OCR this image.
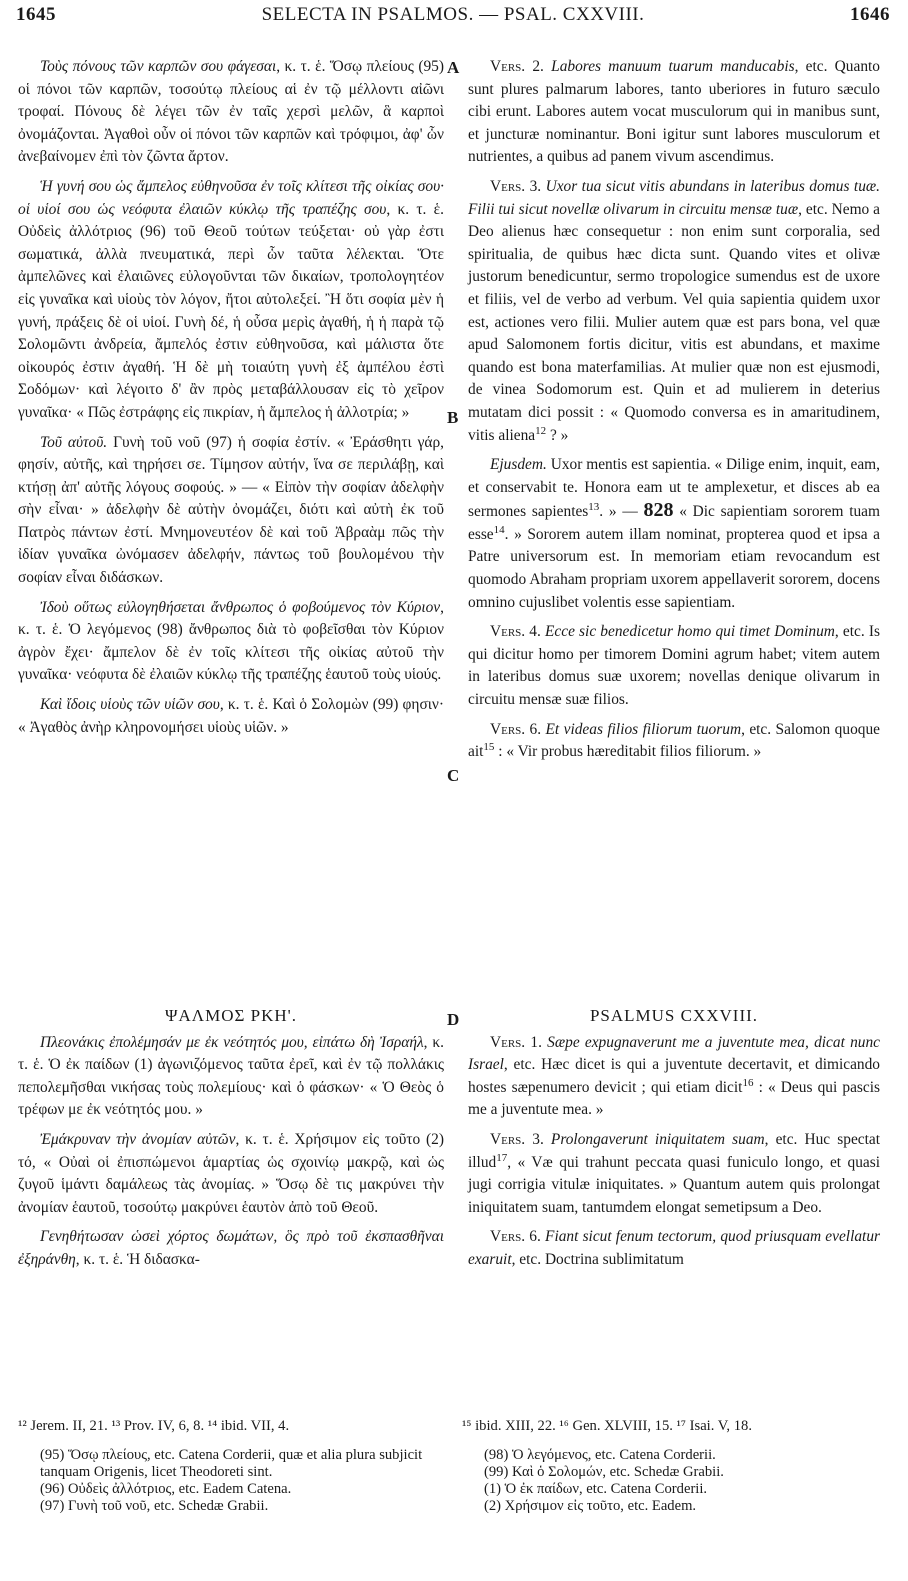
1645	SELECTA IN PSALMOS. — PSAL. CXXVIII.	1646
A
B
C
D

Τοὺς πόνους τῶν καρπῶν σου φάγεσαι, κ. τ. ἑ. Ὅσῳ πλείους (95) οἱ πόνοι τῶν καρπῶν, τοσούτῳ πλείους αἱ ἐν τῷ μέλλοντι αἰῶνι τροφαί. Πόνους δὲ λέγει τῶν ἐν ταῖς χερσὶ μελῶν, ἃ καρποὶ ὀνομάζονται. Ἀγαθοὶ οὖν οἱ πόνοι τῶν καρπῶν καὶ τρόφιμοι, ἀφ' ὧν ἀνεβαίνομεν ἐπὶ τὸν ζῶντα ἄρτον.

Ἡ γυνή σου ὡς ἄμπελος εὐθηνοῦσα ἐν τοῖς κλίτεσι τῆς οἰκίας σου· οἱ υἱοί σου ὡς νεόφυτα ἐλαιῶν κύκλῳ τῆς τραπέζης σου, κ. τ. ἑ. Οὐδεὶς ἀλλότριος (96) τοῦ Θεοῦ τούτων τεύξεται· οὐ γὰρ ἐστι σωματικά, ἀλλὰ πνευματικά, περὶ ὧν ταῦτα λέλεκται. Ὅτε ἀμπελῶνες καὶ ἐλαιῶνες εὐλογοῦνται τῶν δικαίων, τροπολογητέον εἰς γυναῖκα καὶ υἱοὺς τὸν λόγον, ἤτοι αὐτολεξεί. Ἢ ὅτι σοφία μὲν ἡ γυνή, πράξεις δὲ οἱ υἱοί. Γυνὴ δέ, ἡ οὖσα μερὶς ἀγαθή, ἡ ἡ παρὰ τῷ Σολομῶντι ἀνδρεία, ἄμπελός ἐστιν εὐθηνοῦσα, καὶ μάλιστα ὅτε οἰκουρός ἐστιν ἀγαθή. Ἡ δὲ μὴ τοιαύτη γυνὴ ἐξ ἀμπέλου ἐστὶ Σοδόμων· καὶ λέγοιτο δ' ἂν πρὸς μεταβάλλουσαν εἰς τὸ χεῖρον γυναῖκα· « Πῶς ἐστράφης εἰς πικρίαν, ἡ ἄμπελος ἡ ἀλλοτρία; »

Τοῦ αὐτοῦ. Γυνὴ τοῦ νοῦ (97) ἡ σοφία ἐστίν. « Ἐράσθητι γάρ, φησίν, αὐτῆς, καὶ τηρήσει σε. Τίμησον αὐτήν, ἵνα σε περιλάβῃ, καὶ κτήσῃ ἀπ' αὐτῆς λόγους σοφούς. » — « Εἰπὸν τὴν σοφίαν ἀδελφὴν σὴν εἶναι· » ἀδελφὴν δὲ αὐτὴν ὀνομάζει, διότι καὶ αὐτὴ ἐκ τοῦ Πατρὸς πάντων ἐστί. Μνημονευτέον δὲ καὶ τοῦ Ἀβραὰμ πῶς τὴν ἰδίαν γυναῖκα ὠνόμασεν ἀδελφήν, πάντως τοῦ βουλομένου τὴν σοφίαν εἶναι διδάσκων.

Ἰδοὺ οὕτως εὐλογηθήσεται ἄνθρωπος ὁ φοβούμενος τὸν Κύριον, κ. τ. ἑ. Ὁ λεγόμενος (98) ἄνθρωπος διὰ τὸ φοβεῖσθαι τὸν Κύριον ἀγρὸν ἔχει· ἄμπελον δὲ ἐν τοῖς κλίτεσι τῆς οἰκίας αὐτοῦ τὴν γυναῖκα· νεόφυτα δὲ ἐλαιῶν κύκλῳ τῆς τραπέζης ἑαυτοῦ τοὺς υἱούς.

Καὶ ἴδοις υἱοὺς τῶν υἱῶν σου, κ. τ. ἑ. Καὶ ὁ Σολομὼν (99) φησιν· « Ἀγαθὸς ἀνὴρ κληρονομήσει υἱοὺς υἱῶν. »

Vers. 2. Labores manuum tuarum manducabis, etc. Quanto sunt plures palmarum labores, tanto uberiores in futuro sæculo cibi erunt. Labores autem vocat musculorum qui in manibus sunt, et juncturæ nominantur. Boni igitur sunt labores musculorum et nutrientes, a quibus ad panem vivum ascendimus.

Vers. 3. Uxor tua sicut vitis abundans in lateribus domus tuæ. Filii tui sicut novellæ olivarum in circuitu mensæ tuæ, etc. Nemo a Deo alienus hæc consequetur : non enim sunt corporalia, sed spiritualia, de quibus hæc dicta sunt. Quando vites et olivæ justorum benedicuntur, sermo tropologice sumendus est de uxore et filiis, vel de verbo ad verbum. Vel quia sapientia quidem uxor est, actiones vero filii. Mulier autem quæ est pars bona, vel quæ apud Salomonem fortis dicitur, vitis est abundans, et maxime quando est bona materfamilias. At mulier quæ non est ejusmodi, de vinea Sodomorum est. Quin et ad mulierem in deterius mutatam dici possit : « Quomodo conversa es in amaritudinem, vitis aliena$^{12}$ ? »

Ejusdem. Uxor mentis est sapientia. « Dilige enim, inquit, eam, et conservabit te. Honora eam ut te amplexetur, et disces ab ea sermones sapientes$^{13}$. » — 828 « Dic sapientiam sororem tuam esse$^{14}$. » Sororem autem illam nominat, propterea quod et ipsa a Patre universorum est. In memoriam etiam revocandum est quomodo Abraham propriam uxorem appellaverit sororem, docens omnino cujuslibet volentis esse sapientiam.

Vers. 4. Ecce sic benedicetur homo qui timet Dominum, etc. Is qui dicitur homo per timorem Domini agrum habet; vitem autem in lateribus domus suæ uxorem; novellas denique olivarum in circuitu mensæ suæ filios.

Vers. 6. Et videas filios filiorum tuorum, etc. Salomon quoque ait$^{15}$ : « Vir probus hæreditabit filios filiorum. »

ΨΑΛΜΟΣ ΡΚΗ'.

Πλεονάκις ἐπολέμησάν με ἐκ νεότητός μου, εἰπάτω δὴ Ἰσραήλ, κ. τ. ἑ. Ὁ ἐκ παίδων (1) ἀγωνιζόμενος ταῦτα ἐρεῖ, καὶ ἐν τῷ πολλάκις πεπολεμῆσθαι νικήσας τοὺς πολεμίους· καὶ ὁ φάσκων· « Ὁ Θεὸς ὁ τρέφων με ἐκ νεότητός μου. »

Ἐμάκρυναν τὴν ἀνομίαν αὐτῶν, κ. τ. ἑ. Χρήσιμον εἰς τοῦτο (2) τό, « Οὐαὶ οἱ ἐπισπώμενοι ἁμαρτίας ὡς σχοινίῳ μακρῷ, καὶ ὡς ζυγοῦ ἱμάντι δαμάλεως τὰς ἀνομίας. » Ὅσῳ δὲ τις μακρύνει τὴν ἀνομίαν ἑαυτοῦ, τοσούτῳ μακρύνει ἑαυτὸν ἀπὸ τοῦ Θεοῦ.

Γενηθήτωσαν ὡσεὶ χόρτος δωμάτων, ὃς πρὸ τοῦ ἐκσπασθῆναι ἐξηράνθη, κ. τ. ἑ. Ἡ διδασκα-

PSALMUS CXXVIII.

Vers. 1. Sæpe expugnaverunt me a juventute mea, dicat nunc Israel, etc. Hæc dicet is qui a juventute decertavit, et dimicando hostes sæpenumero devicit ; qui etiam dicit$^{16}$ : « Deus qui pascis me a juventute mea. »

Vers. 3. Prolongaverunt iniquitatem suam, etc. Huc spectat illud$^{17}$, « Væ qui trahunt peccata quasi funiculo longo, et quasi jugi corrigia vitulæ iniquitates. » Quantum autem quis prolongat iniquitatem suam, tantumdem elongat semetipsum a Deo.

Vers. 6. Fiant sicut fenum tectorum, quod priusquam evellatur exaruit, etc. Doctrina sublimitatum

¹² Jerem. II, 21. ¹³ Prov. IV, 6, 8. ¹⁴ ibid. VII, 4.	¹⁵ ibid. XIII, 22. ¹⁶ Gen. XLVIII, 15. ¹⁷ Isai. V, 18.

(95) Ὅσῳ πλείους, etc. Catena Corderii, quæ et alia plura subjicit tanquam Origenis, licet Theodoreti sint.

(96) Οὐδεὶς ἀλλότριος, etc. Eadem Catena.

(97) Γυνὴ τοῦ νοῦ, etc. Schedæ Grabii.

(98) Ὁ λεγόμενος, etc. Catena Corderii.

(99) Καὶ ὁ Σολομών, etc. Schedæ Grabii.

(1) Ὁ ἐκ παίδων, etc. Catena Corderii.

(2) Χρήσιμον εἰς τοῦτο, etc. Eadem.
